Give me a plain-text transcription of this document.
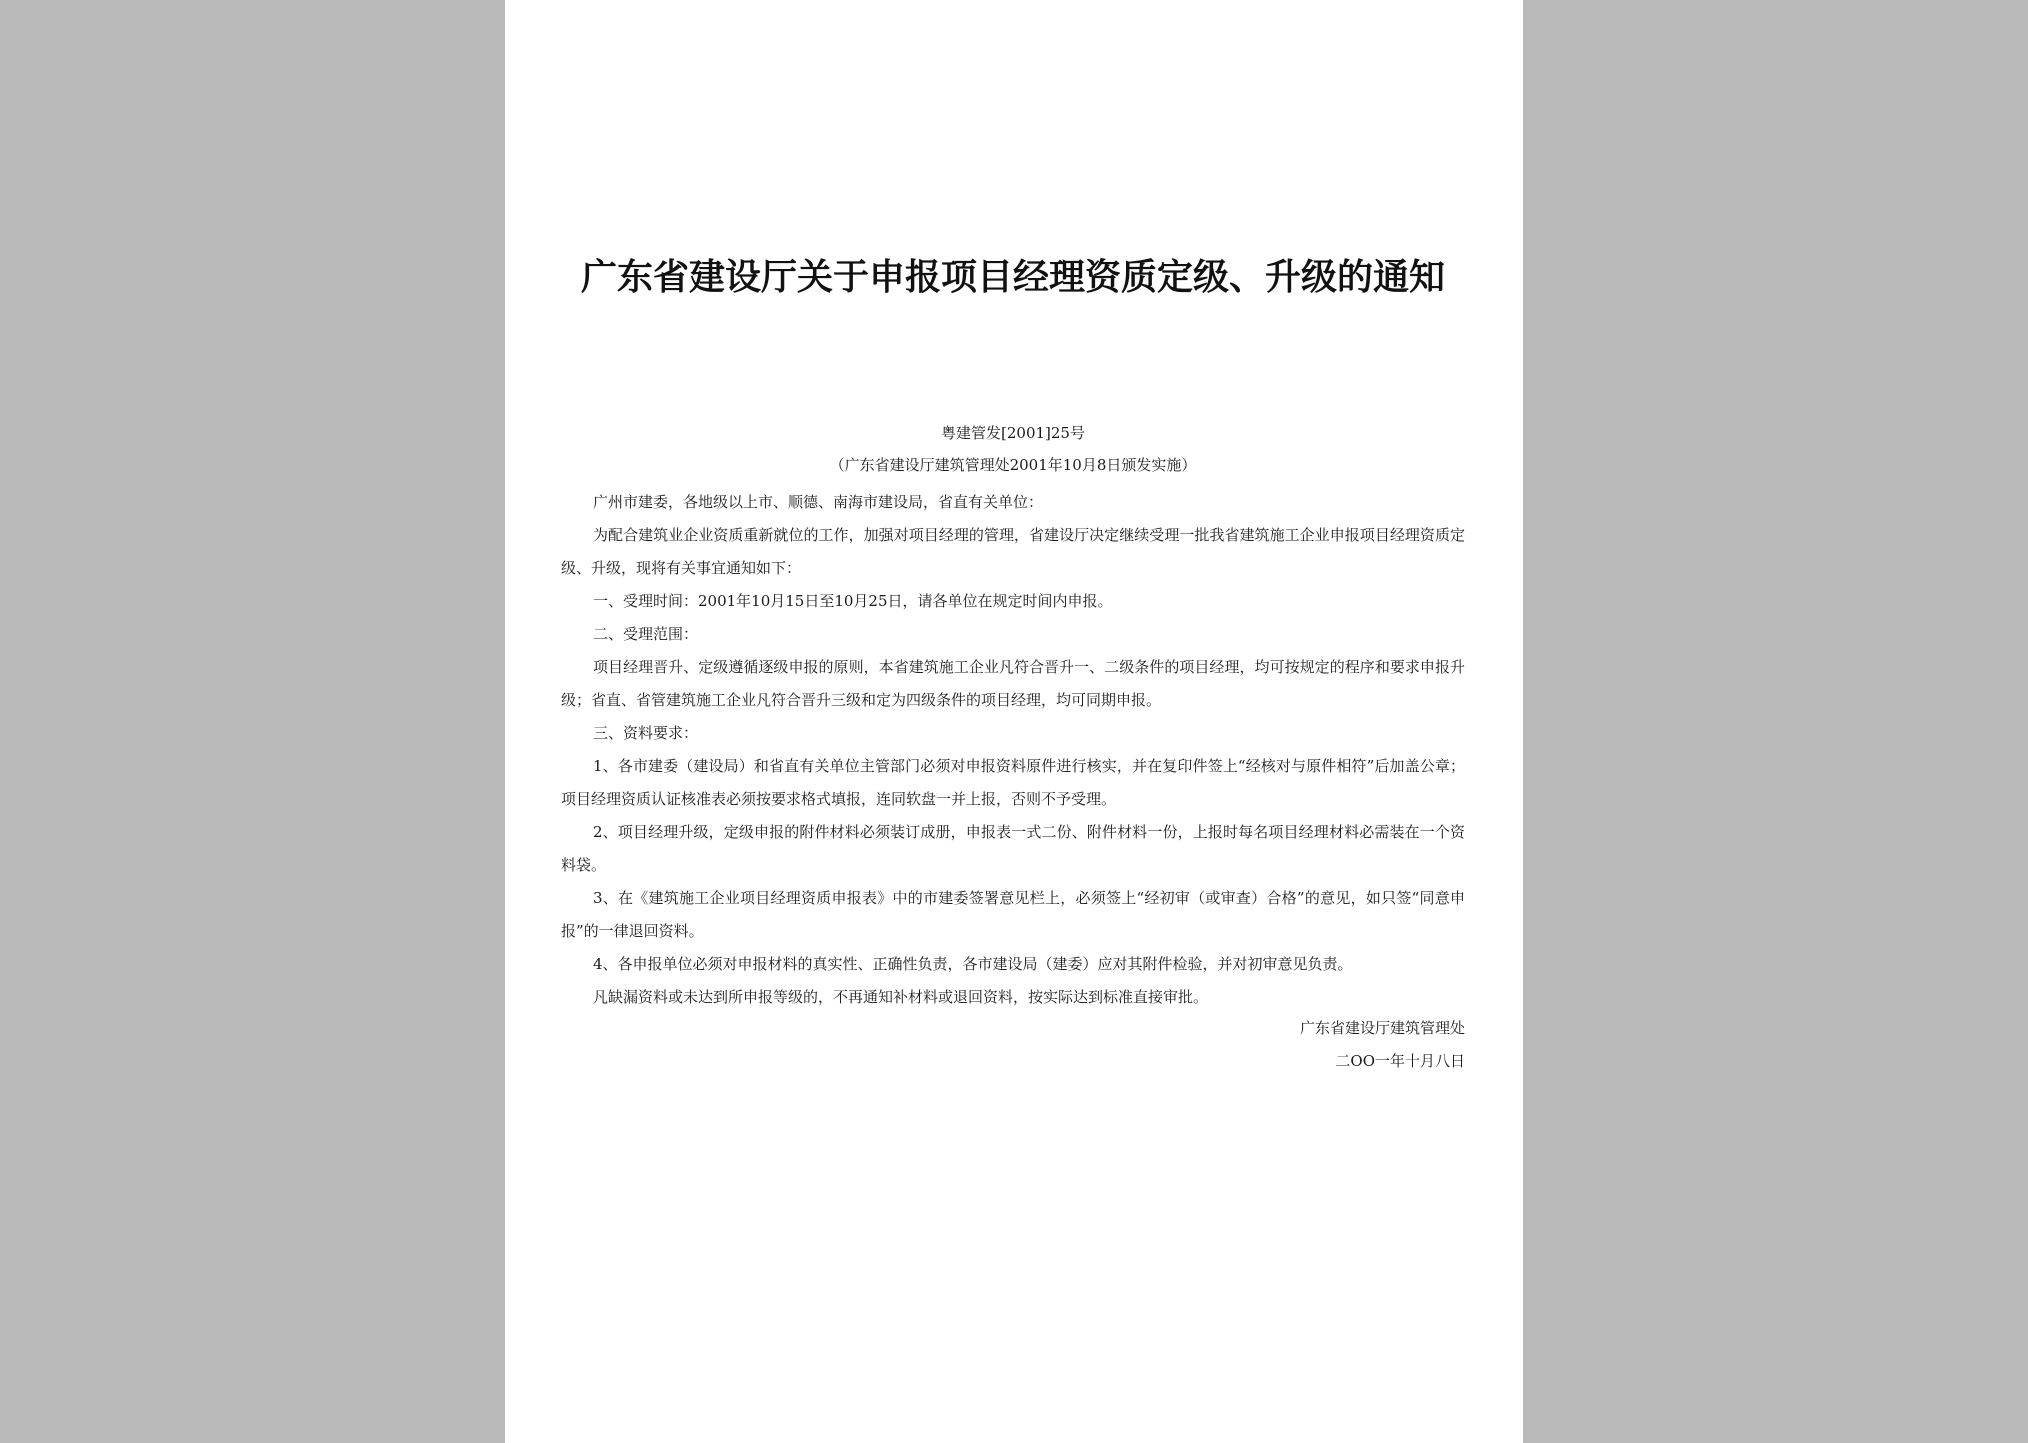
广东省建设厅关于申报项目经理资质定级、升级的通知
粤建管发[2001]25号
（广东省建设厅建筑管理处2001年10月8日颁发实施）

广州市建委，各地级以上市、顺德、南海市建设局，省直有关单位：

为配合建筑业企业资质重新就位的工作，加强对项目经理的管理，省建设厅决定继续受理一批我省建筑施工企业申报项目经理资质定级、升级，现将有关事宜通知如下：

一、受理时间：2001年10月15日至10月25日，请各单位在规定时间内申报。

二、受理范围：

项目经理晋升、定级遵循逐级申报的原则，本省建筑施工企业凡符合晋升一、二级条件的项目经理，均可按规定的程序和要求申报升级；省直、省管建筑施工企业凡符合晋升三级和定为四级条件的项目经理，均可同期申报。

三、资料要求：

1、各市建委（建设局）和省直有关单位主管部门必须对申报资料原件进行核实，并在复印件签上“经核对与原件相符”后加盖公章；项目经理资质认证核准表必须按要求格式填报，连同软盘一并上报，否则不予受理。

2、项目经理升级，定级申报的附件材料必须装订成册，申报表一式二份、附件材料一份，上报时每名项目经理材料必需装在一个资料袋。

3、在《建筑施工企业项目经理资质申报表》中的市建委签署意见栏上，必须签上“经初审（或审查）合格”的意见，如只签“同意申报”的一律退回资料。

4、各申报单位必须对申报材料的真实性、正确性负责，各市建设局（建委）应对其附件检验，并对初审意见负责。

凡缺漏资料或未达到所申报等级的，不再通知补材料或退回资料，按实际达到标准直接审批。

广东省建设厅建筑管理处
二OO一年十月八日
